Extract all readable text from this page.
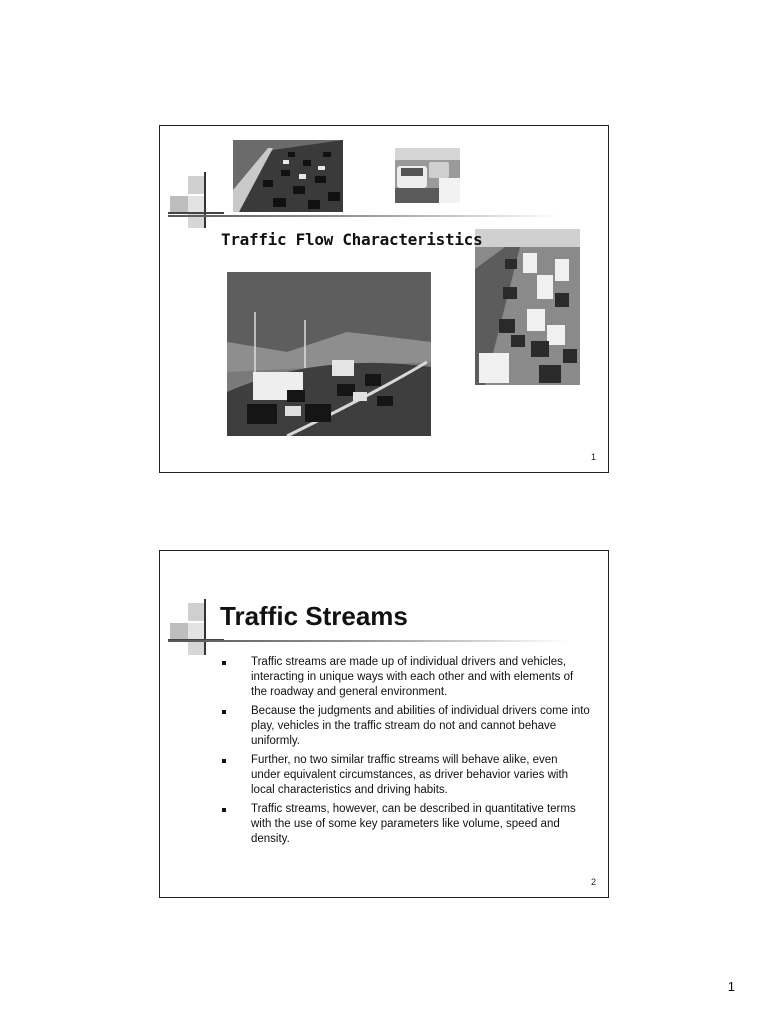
Traffic Flow Characteristics
1
Traffic Streams
Traffic streams are made up of individual drivers and vehicles, interacting in unique ways with each other and with elements of the roadway and general environment.
Because the judgments and abilities of individual drivers come into play, vehicles in the traffic stream do not and cannot behave uniformly.
Further, no two similar traffic streams will behave alike, even under equivalent circumstances, as driver behavior varies with local characteristics and driving habits.
Traffic streams, however, can be described in quantitative terms with the use of some key parameters like volume, speed and density.
2
1
